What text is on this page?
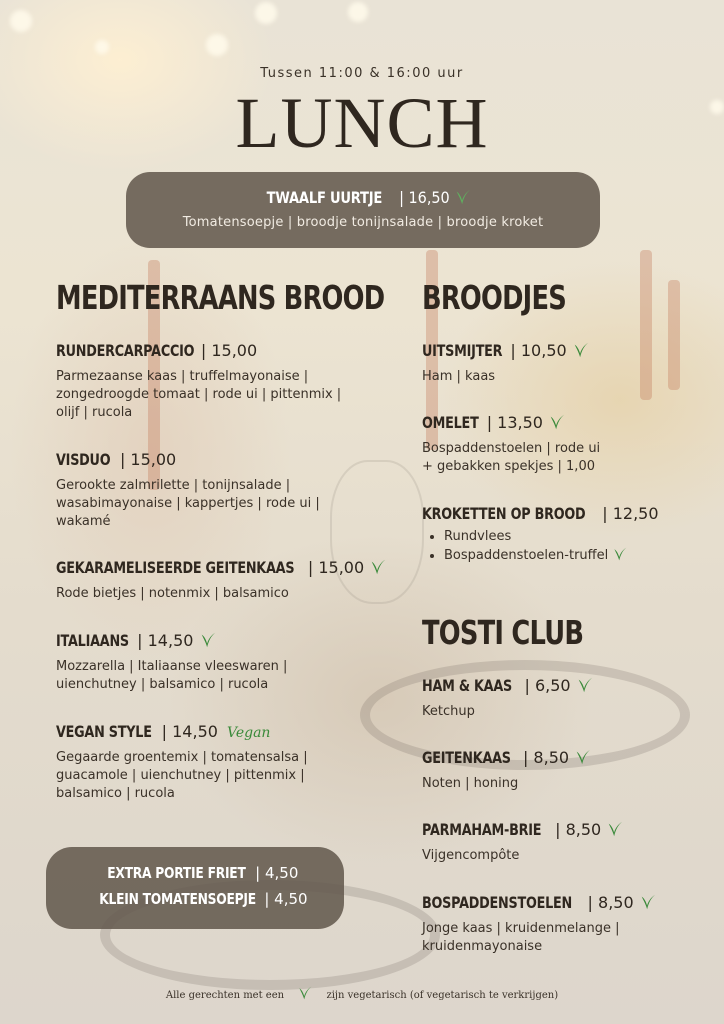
Tussen 11:00 & 16:00 uur
LUNCH
TWAALF UURTJE | 16,50
Tomatensoepje | broodje tonijnsalade | broodje kroket
MEDITERRAANS BROOD
RUNDERCARPACCIO | 15,00
Parmezaanse kaas | truffelmayonaise |
zongedroogde tomaat | rode ui | pittenmix |
olijf | rucola
VISDUO | 15,00
Gerookte zalmrilette | tonijnsalade |
wasabimayonaise | kappertjes | rode ui |
wakamé
GEKARAMELISEERDE GEITENKAAS | 15,00
Rode bietjes | notenmix | balsamico
ITALIAANS | 14,50
Mozzarella | Italiaanse vleeswaren |
uienchutney | balsamico | rucola
VEGAN STYLE | 14,50 Vegan
Gegaarde groentemix | tomatensalsa |
guacamole | uienchutney | pittenmix |
balsamico | rucola
EXTRA PORTIE FRIET | 4,50
KLEIN TOMATENSOEPJE | 4,50
BROODJES
UITSMIJTER | 10,50
Ham | kaas
OMELET | 13,50
Bospaddenstoelen | rode ui
+ gebakken spekjes | 1,00
KROKETTEN OP BROOD | 12,50
• Rundvlees
• Bospaddenstoelen-truffel
TOSTI CLUB
HAM & KAAS | 6,50
Ketchup
GEITENKAAS | 8,50
Noten | honing
PARMAHAM-BRIE | 8,50
Vijgencompôte
BOSPADDENSTOELEN | 8,50
Jonge kaas | kruidenmelange |
kruidenmayonaise
Alle gerechten met een	zijn vegetarisch (of vegetarisch te verkrijgen)
